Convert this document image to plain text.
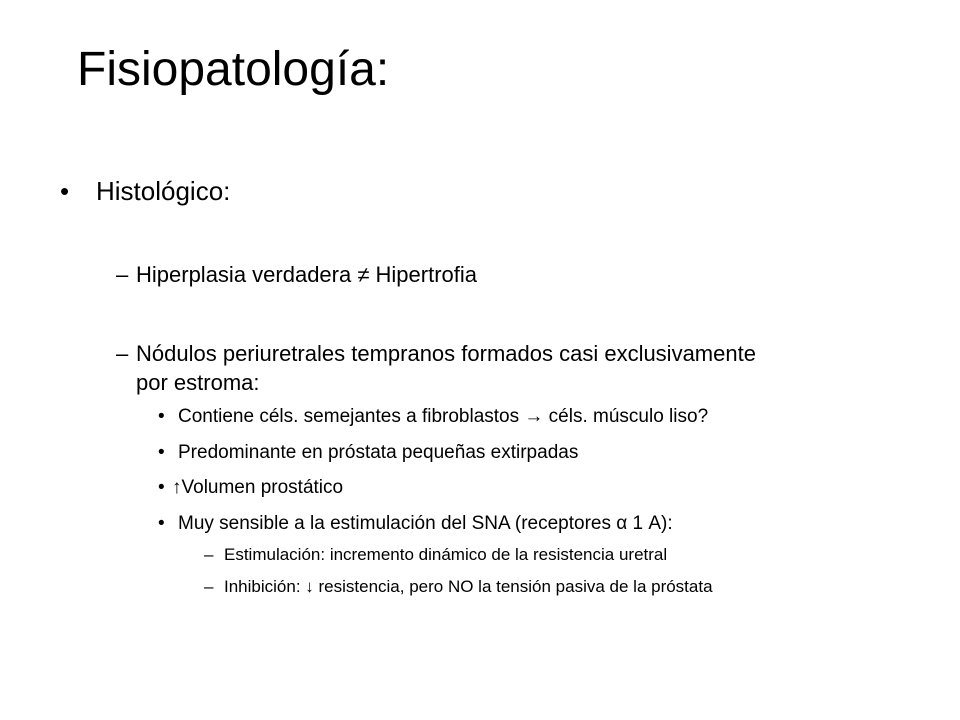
Fisiopatología:
• Histológico:
– Hiperplasia verdadera ≠ Hipertrofia
– Nódulos periuretrales tempranos formados casi exclusivamente
por estroma:
• Contiene céls. semejantes a fibroblastos → céls. músculo liso?
• Predominante en próstata pequeñas extirpadas
• ↑Volumen prostático
• Muy sensible a la estimulación del SNA (receptores α 1 A):
– Estimulación: incremento dinámico de la resistencia uretral
– Inhibición: ↓ resistencia, pero NO la tensión pasiva de la próstata
